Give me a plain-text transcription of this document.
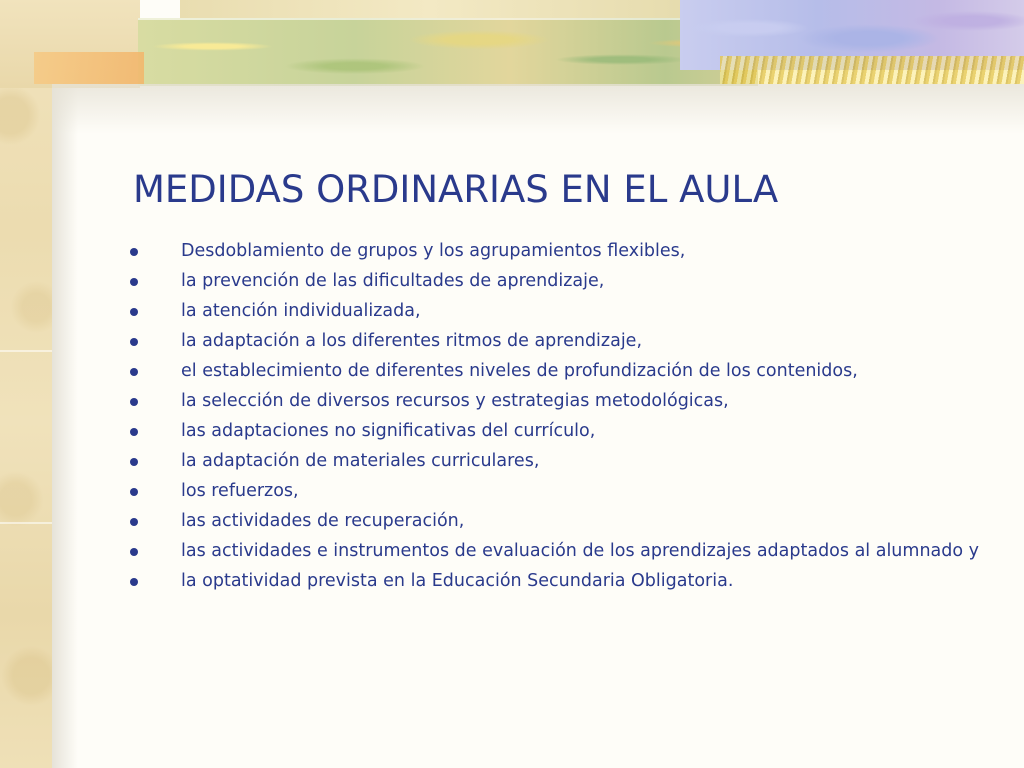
MEDIDAS ORDINARIAS EN EL AULA
Desdoblamiento de grupos y los agrupamientos flexibles,
la prevención de las dificultades de aprendizaje,
la atención individualizada,
la adaptación a los diferentes ritmos de aprendizaje,
el establecimiento de diferentes niveles de profundización de los contenidos,
la selección de diversos recursos y estrategias metodológicas,
las adaptaciones no significativas del currículo,
la adaptación de materiales curriculares,
los refuerzos,
las actividades de recuperación,
las actividades e instrumentos de evaluación de los aprendizajes adaptados al alumnado y
la optatividad prevista en la Educación Secundaria Obligatoria.
